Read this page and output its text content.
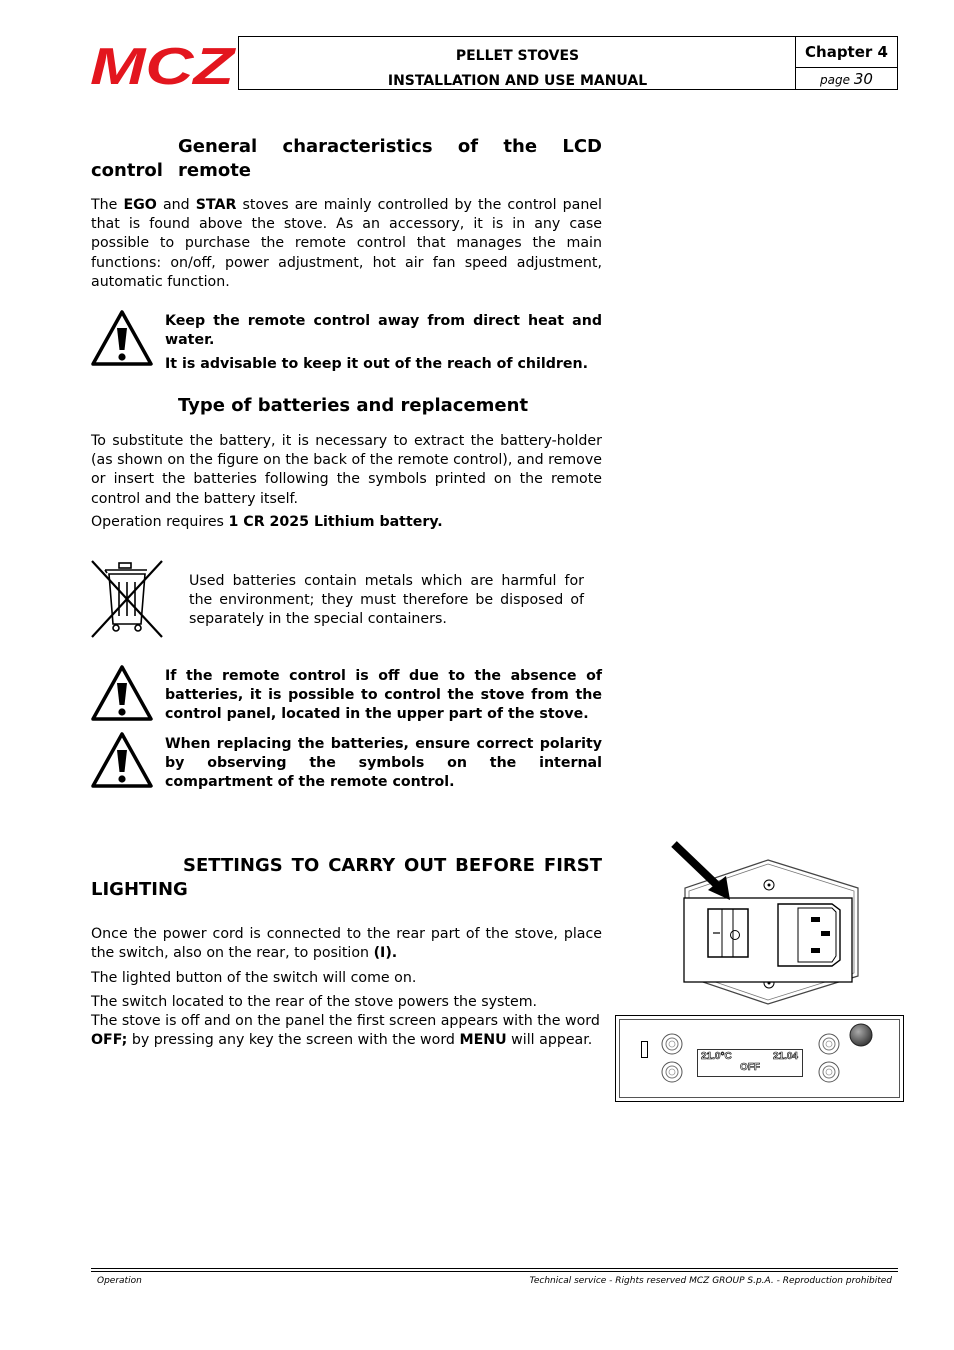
MCZ	PELLET STOVES
INSTALLATION AND USE MANUAL
Chapter 4
page 30
General characteristics of the LCD remote
control
The EGO and STAR stoves are mainly controlled by the control panel that is found above the stove. As an accessory, it is in any case possible to purchase the remote control that manages the main functions: on/off, power adjustment, hot air fan speed adjustment, automatic function.
Keep the remote control away from direct heat and water.
It is advisable to keep it out of the reach of children.
Type of batteries and replacement
To substitute the battery, it is necessary to extract the battery-holder (as shown on the figure on the back of the remote control), and remove or insert the batteries following the symbols printed on the remote control and the battery itself.
Operation requires 1 CR 2025 Lithium battery.
Used batteries contain metals which are harmful for the environment; they must therefore be disposed of separately in the special containers.
If the remote control is off due to the absence of batteries, it is possible to control the stove from the control panel, located in the upper part of the stove.
When replacing the batteries, ensure correct polarity by observing the symbols on the internal compartment of the remote control.
SETTINGS TO CARRY OUT BEFORE FIRST
LIGHTING
Once the power cord is connected to the rear part of the stove, place the switch, also on the rear, to position (I).
The lighted button of the switch will come on.
The switch located to the rear of the stove powers the system.
The stove is off and on the panel the first screen appears with the word
OFF; by pressing any key the screen with the word MENU will appear.
21.0°C	21.04
OFF
Operation	Technical service - Rights reserved MCZ GROUP S.p.A. - Reproduction prohibited
